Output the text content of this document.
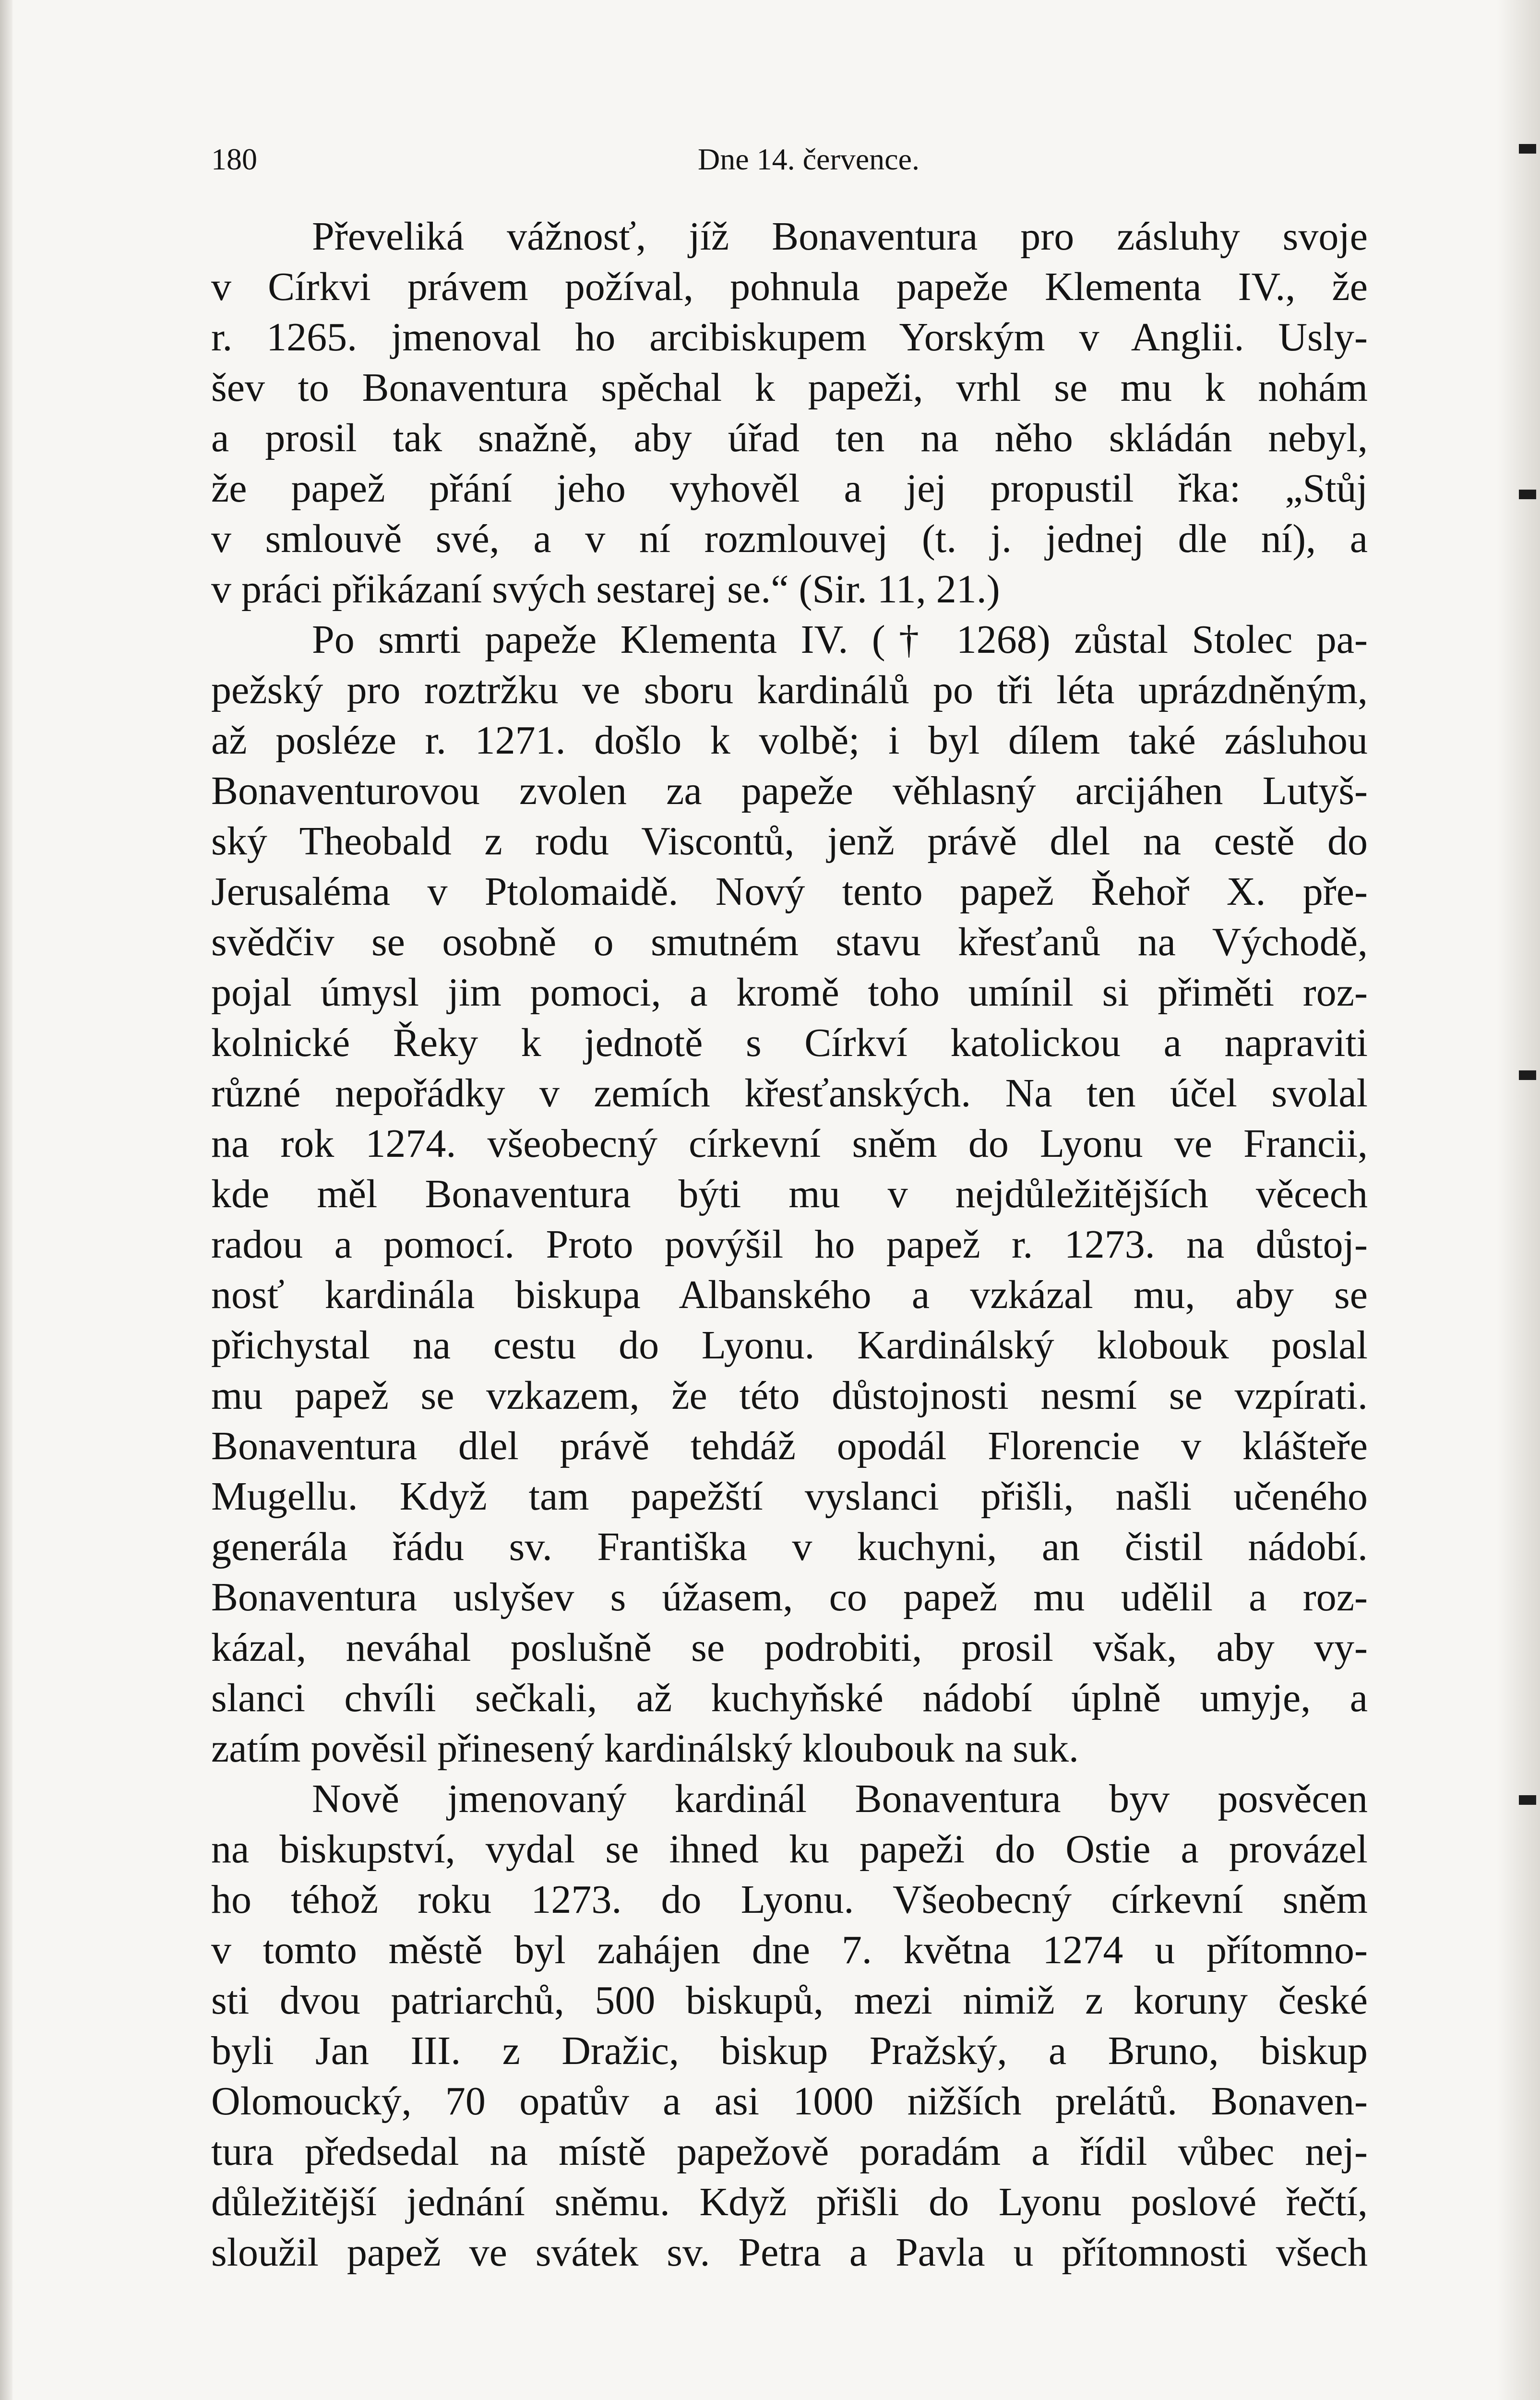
180	Dne 14. července.
Převeliká vážnosť, jíž Bonaventura pro zásluhy svoje
v Církvi právem požíval, pohnula papeže Klementa IV., že
r. 1265. jmenoval ho arcibiskupem Yorským v Anglii. Usly-
šev to Bonaventura spěchal k papeži, vrhl se mu k nohám
a prosil tak snažně, aby úřad ten na něho skládán nebyl,
že papež přání jeho vyhověl a jej propustil řka: „Stůj
v smlouvě své, a v ní rozmlouvej (t. j. jednej dle ní), a
v práci přikázaní svých sestarej se.“ (Sir. 11, 21.)
Po smrti papeže Klementa IV. († 1268) zůstal Stolec pa-
pežský pro roztržku ve sboru kardinálů po tři léta uprázdněným,
až posléze r. 1271. došlo k volbě; i byl dílem také zásluhou
Bonaventurovou zvolen za papeže věhlasný arcijáhen Lutyš-
ský Theobald z rodu Viscontů, jenž právě dlel na cestě do
Jerusaléma v Ptolomaidě. Nový tento papež Řehoř X. pře-
svědčiv se osobně o smutném stavu křesťanů na Východě,
pojal úmysl jim pomoci, a kromě toho umínil si přiměti roz-
kolnické Řeky k jednotě s Církví katolickou a napraviti
různé nepořádky v zemích křesťanských. Na ten účel svolal
na rok 1274. všeobecný církevní sněm do Lyonu ve Francii,
kde měl Bonaventura býti mu v nejdůležitějších věcech
radou a pomocí. Proto povýšil ho papež r. 1273. na důstoj-
nosť kardinála biskupa Albanského a vzkázal mu, aby se
přichystal na cestu do Lyonu. Kardinálský klobouk poslal
mu papež se vzkazem, že této důstojnosti nesmí se vzpírati.
Bonaventura dlel právě tehdáž opodál Florencie v klášteře
Mugellu. Když tam papežští vyslanci přišli, našli učeného
generála řádu sv. Františka v kuchyni, an čistil nádobí.
Bonaventura uslyšev s úžasem, co papež mu udělil a roz-
kázal, neváhal poslušně se podrobiti, prosil však, aby vy-
slanci chvíli sečkali, až kuchyňské nádobí úplně umyje, a
zatím pověsil přinesený kardinálský kloubouk na suk.
Nově jmenovaný kardinál Bonaventura byv posvěcen
na biskupství, vydal se ihned ku papeži do Ostie a provázel
ho téhož roku 1273. do Lyonu. Všeobecný církevní sněm
v tomto městě byl zahájen dne 7. května 1274 u přítomno-
sti dvou patriarchů, 500 biskupů, mezi nimiž z koruny české
byli Jan III. z Dražic, biskup Pražský, a Bruno, biskup
Olomoucký, 70 opatův a asi 1000 nižších prelátů. Bonaven-
tura předsedal na místě papežově poradám a řídil vůbec nej-
důležitější jednání sněmu. Když přišli do Lyonu poslové řečtí,
sloužil papež ve svátek sv. Petra a Pavla u přítomnosti všech
